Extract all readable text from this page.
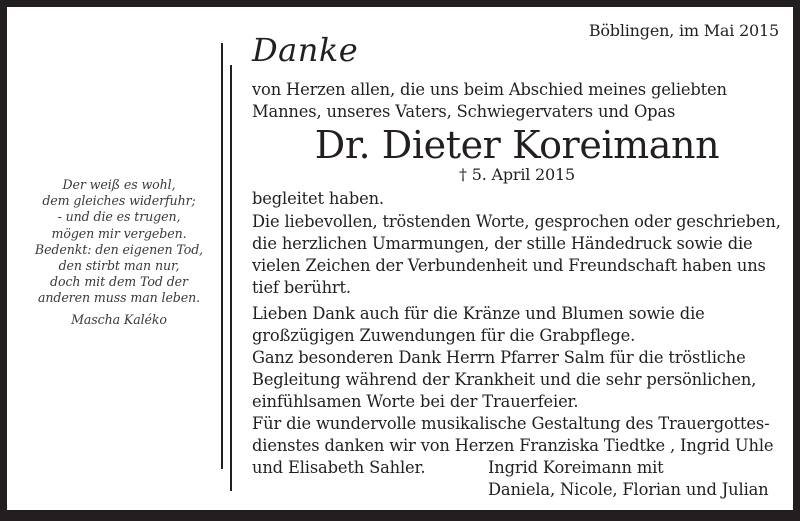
Böblingen, im Mai 2015
Der weiß es wohl,
dem gleiches widerfuhr;
- und die es trugen,
mögen mir vergeben.
Bedenkt: den eigenen Tod,
den stirbt man nur,
doch mit dem Tod der
anderen muss man leben.
Mascha Kaléko
Danke
von Herzen allen, die uns beim Abschied meines geliebten
Mannes, unseres Vaters, Schwiegervaters und Opas
Dr. Dieter Koreimann
† 5. April 2015
begleitet haben.
Die liebevollen, tröstenden Worte, gesprochen oder geschrieben,
die herzlichen Umarmungen, der stille Händedruck sowie die
vielen Zeichen der Verbundenheit und Freundschaft haben uns
tief berührt.
Lieben Dank auch für die Kränze und Blumen sowie die
großzügigen Zuwendungen für die Grabpflege.
Ganz besonderen Dank Herrn Pfarrer Salm für die tröstliche
Begleitung während der Krankheit und die sehr persönlichen,
einfühlsamen Worte bei der Trauerfeier.
Für die wundervolle musikalische Gestaltung des Trauergottes-
dienstes danken wir von Herzen Franziska Tiedtke , Ingrid Uhle
und Elisabeth Sahler.	Ingrid Koreimann mit
Daniela, Nicole, Florian und Julian
